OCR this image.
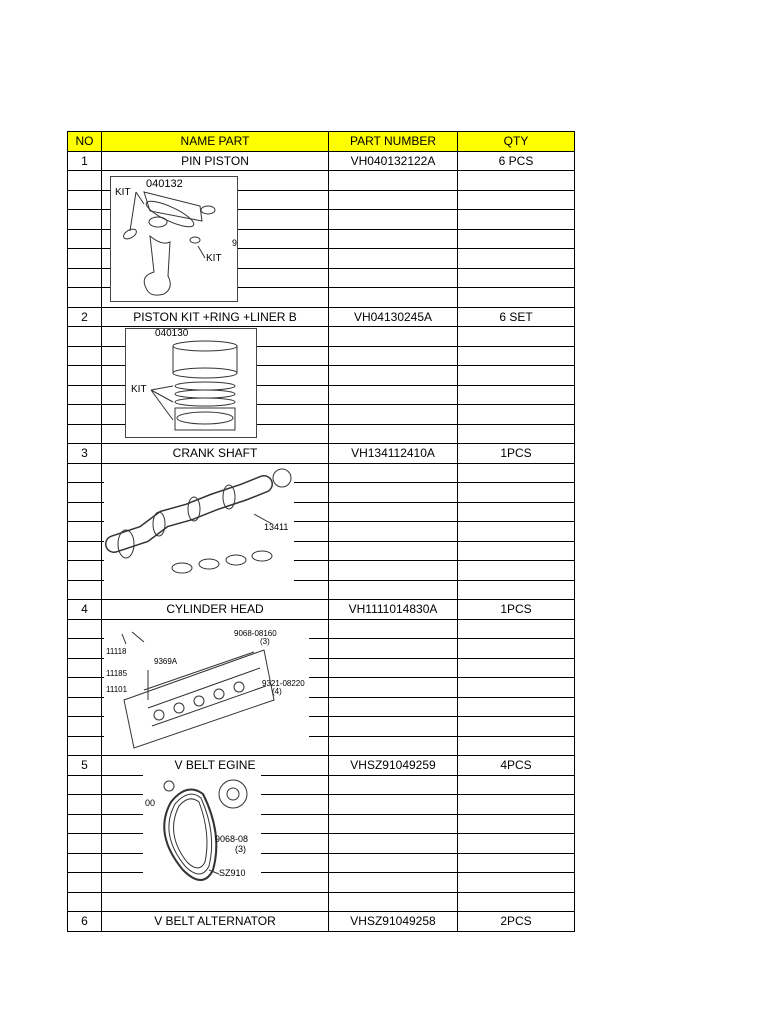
NO	NAME PART	PART NUMBER	QTY
1	PIN PISTON	VH040132122A	6 PCS

2	PISTON KIT +RING +LINER B	VH04130245A	6 SET

3	CRANK SHAFT	VH134112410A	1PCS

4	CYLINDER HEAD	VH1111014830A	1PCS

5	V BELT EGINE	VHSZ91049259	4PCS

6	V BELT ALTERNATOR	VHSZ91049258	2PCS
040132
KIT
KIT
9
040130
KIT
13411
11118
11185
11101
9068-08160
(3)
9369A
9321-08220
(4)
00
9068-08
(3)
SZ910
